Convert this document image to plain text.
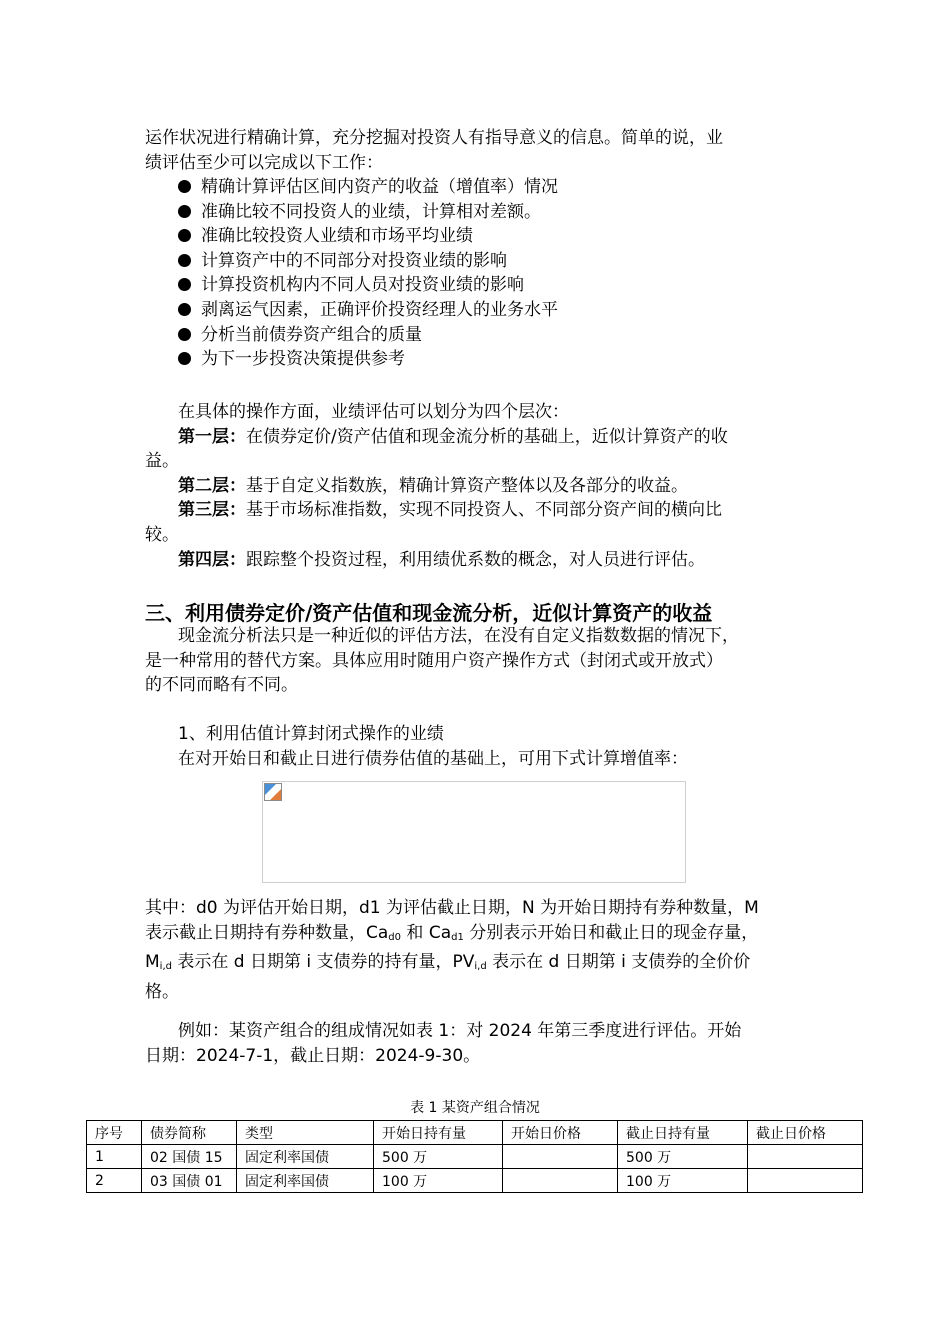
运作状况进行精确计算，充分挖掘对投资人有指导意义的信息。简单的说，业
绩评估至少可以完成以下工作：
精确计算评估区间内资产的收益（增值率）情况
准确比较不同投资人的业绩，计算相对差额。
准确比较投资人业绩和市场平均业绩
计算资产中的不同部分对投资业绩的影响
计算投资机构内不同人员对投资业绩的影响
剥离运气因素，正确评价投资经理人的业务水平
分析当前债券资产组合的质量
为下一步投资决策提供参考
在具体的操作方面，业绩评估可以划分为四个层次：
第一层：在债券定价/资产估值和现金流分析的基础上，近似计算资产的收
益。
第二层：基于自定义指数族，精确计算资产整体以及各部分的收益。
第三层：基于市场标准指数，实现不同投资人、不同部分资产间的横向比
较。
第四层：跟踪整个投资过程，利用绩优系数的概念，对人员进行评估。
三、利用债券定价/资产估值和现金流分析，近似计算资产的收益
现金流分析法只是一种近似的评估方法，在没有自定义指数数据的情况下，
是一种常用的替代方案。具体应用时随用户资产操作方式（封闭式或开放式）
的不同而略有不同。
1、利用估值计算封闭式操作的业绩
在对开始日和截止日进行债券估值的基础上，可用下式计算增值率：
其中：d0 为评估开始日期，d1 为评估截止日期，N 为开始日期持有券种数量，M
表示截止日期持有券种数量，$Ca_{d0}$ 和 $Ca_{d1}$ 分别表示开始日和截止日的现金存量，
$M_{i,d}$ 表示在 d 日期第 i 支债券的持有量，$PV_{i,d}$ 表示在 d 日期第 i 支债券的全价价
格。
例如：某资产组合的组成情况如表 1：对 2024 年第三季度进行评估。开始
日期：2024-7-1，截止日期：2024-9-30。
表 1 某资产组合情况
序号	债券简称	类型	开始日持有量	开始日价格	截止日持有量	截止日价格
1	02 国债 15	固定利率国债	500 万		500 万	
2	03 国债 01	固定利率国债	100 万		100 万	
